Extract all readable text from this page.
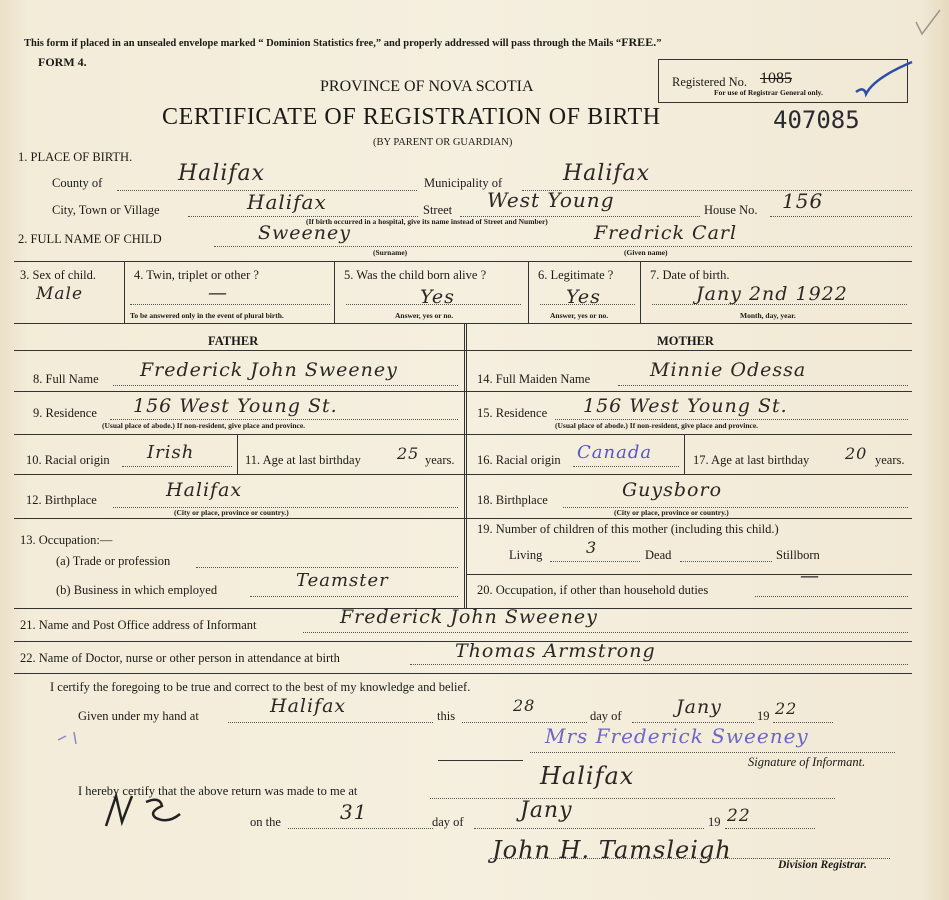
This form if placed in an unsealed envelope marked “ Dominion Statistics free,” and properly addressed will pass through the Mails “FREE.”
FORM 4.
PROVINCE OF NOVA SCOTIA
CERTIFICATE OF REGISTRATION OF BIRTH	407085
(BY PARENT OR GUARDIAN)
Registered No. 1085
For use of Registrar General only.
1. PLACE OF BIRTH.
County of	Halifax	Municipality of	Halifax
City, Town or Village	Halifax	Street West Young	House No. 156
(If birth occurred in a hospital, give its name instead of Street and Number)
2. FULL NAME OF CHILD	Sweeney	Fredrick Carl
(Surname)	(Given name)
3. Sex of child.
Male
4. Twin, triplet or other ?
—
To be answered only in the event of plural birth.
5. Was the child born alive ?
Yes
Answer, yes or no.
6. Legitimate ?
Yes
Answer, yes or no.
7. Date of birth.
Jany 2nd 1922
Month, day, year.
FATHER	MOTHER
8. Full Name Frederick John Sweeney
9. Residence 156 West Young St.
(Usual place of abode.) If non-resident, give place and province.
10. Racial origin Irish	11. Age at last birthday 25 years.
12. Birthplace	Halifax
(City or place, province or country.)
13. Occupation:—
(a) Trade or profession
(b) Business in which employed	Teamster
14. Full Maiden Name	Minnie Odessa
15. Residence 156 West Young St.
(Usual place of abode.) If non-resident, give place and province.
16. Racial origin Canada	17. Age at last birthday 20 years.
18. Birthplace	Guysboro
(City or place, province or country.)
19. Number of children of this mother (including this child.)
Living	3	Dead	Stillborn
20. Occupation, if other than household duties
—
21. Name and Post Office address of Informant	Frederick John Sweeney
22. Name of Doctor, nurse or other person in attendance at birth	Thomas Armstrong
I certify the foregoing to be true and correct to the best of my knowledge and belief.
Given under my hand at	Halifax	this
28
day of	Jany	19 22
Mrs Frederick Sweeney
Signature of Informant.
I hereby certify that the above return was made to me at
Halifax
on the	31	day of	Jany	19 22
John H. Tamsleigh
Division Registrar.
